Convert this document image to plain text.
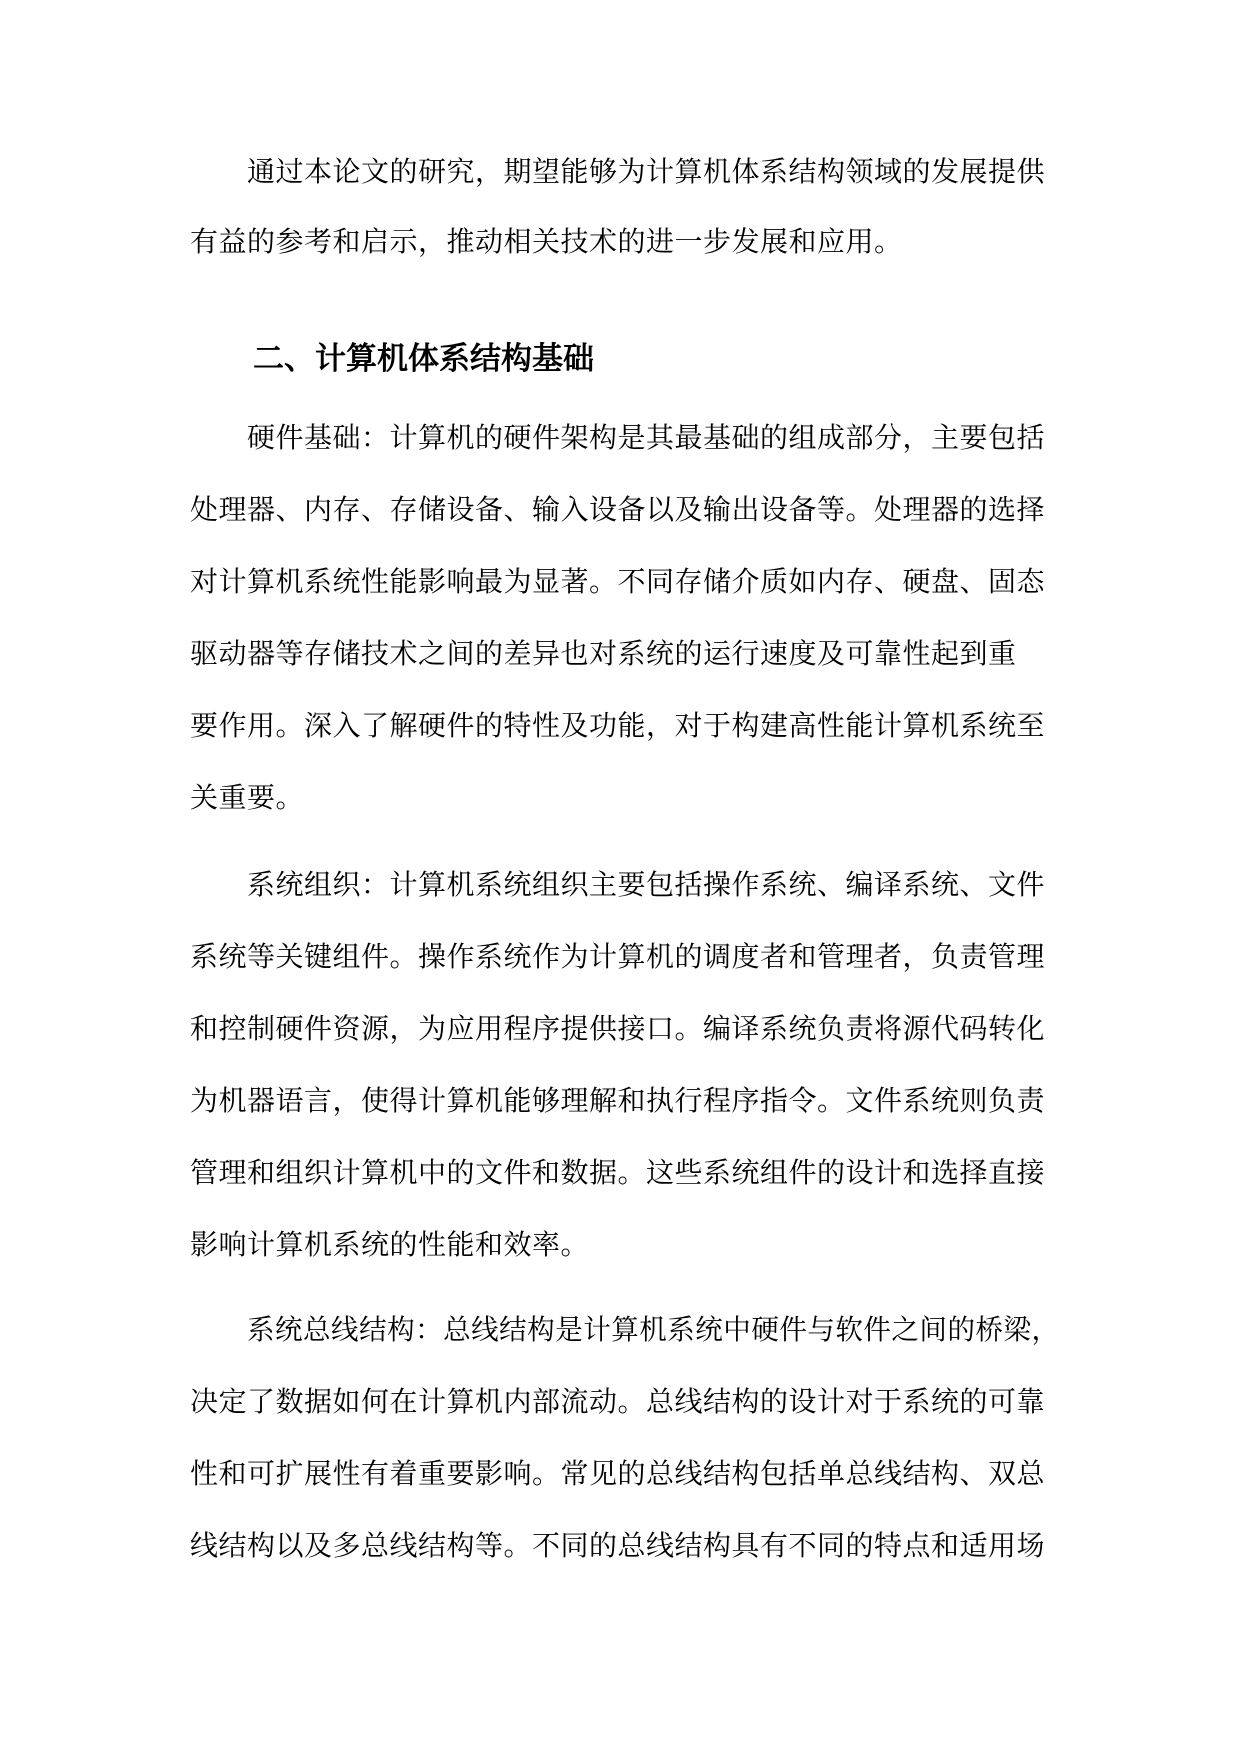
通过本论文的研究，期望能够为计算机体系结构领域的发展提供
有益的参考和启示，推动相关技术的进一步发展和应用。
二、计算机体系结构基础
硬件基础：计算机的硬件架构是其最基础的组成部分，主要包括
处理器、内存、存储设备、输入设备以及输出设备等。处理器的选择
对计算机系统性能影响最为显著。不同存储介质如内存、硬盘、固态
驱动器等存储技术之间的差异也对系统的运行速度及可靠性起到重
要作用。深入了解硬件的特性及功能，对于构建高性能计算机系统至
关重要。
系统组织：计算机系统组织主要包括操作系统、编译系统、文件
系统等关键组件。操作系统作为计算机的调度者和管理者，负责管理
和控制硬件资源，为应用程序提供接口。编译系统负责将源代码转化
为机器语言，使得计算机能够理解和执行程序指令。文件系统则负责
管理和组织计算机中的文件和数据。这些系统组件的设计和选择直接
影响计算机系统的性能和效率。
系统总线结构：总线结构是计算机系统中硬件与软件之间的桥梁，
决定了数据如何在计算机内部流动。总线结构的设计对于系统的可靠
性和可扩展性有着重要影响。常见的总线结构包括单总线结构、双总
线结构以及多总线结构等。不同的总线结构具有不同的特点和适用场
